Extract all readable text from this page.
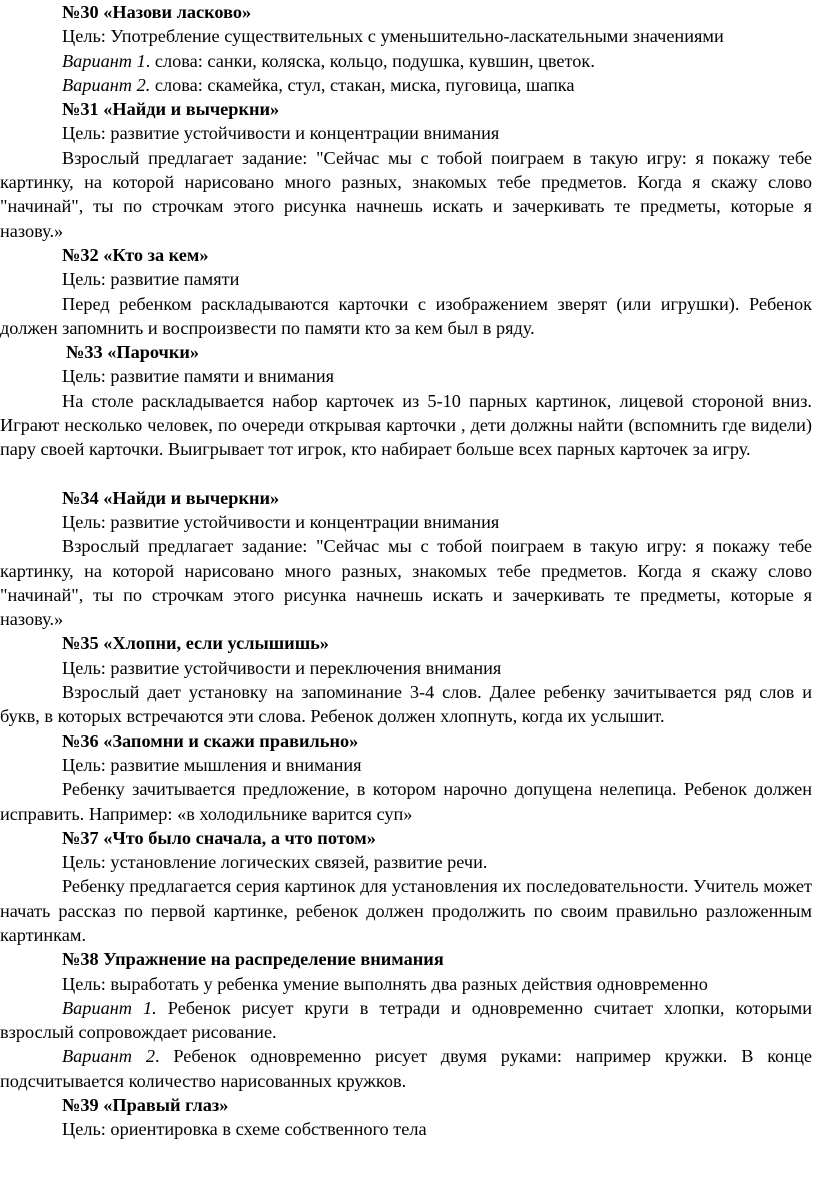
№30 «Назови ласково»

Цель: Употребление существительных с уменьшительно-ласкательными значениями

Вариант 1. слова: санки, коляска, кольцо, подушка, кувшин, цветок.

Вариант 2. слова: скамейка, стул, стакан, миска, пуговица, шапка

№31 «Найди и вычеркни»

Цель: развитие устойчивости и концентрации внимания

Взрослый предлагает задание: "Сейчас мы с тобой поиграем в такую игру: я покажу тебе картинку, на которой нарисовано много разных, знакомых тебе предметов. Когда я скажу слово "начинай", ты по строчкам этого рисунка начнешь искать и зачеркивать те предметы, которые я назову.»

№32 «Кто за кем»

Цель: развитие памяти

Перед ребенком раскладываются карточки с изображением зверят (или игрушки). Ребенок должен запомнить и воспроизвести по памяти кто за кем был в ряду.

№33 «Парочки»

Цель: развитие памяти и внимания

На столе раскладывается набор карточек из 5-10 парных картинок, лицевой стороной вниз. Играют несколько человек, по очереди открывая карточки , дети должны найти (вспомнить где видели) пару своей карточки. Выигрывает тот игрок, кто набирает больше всех парных карточек за игру.

№34 «Найди и вычеркни»

Цель: развитие устойчивости и концентрации внимания

Взрослый предлагает задание: "Сейчас мы с тобой поиграем в такую игру: я покажу тебе картинку, на которой нарисовано много разных, знакомых тебе предметов. Когда я скажу слово "начинай", ты по строчкам этого рисунка начнешь искать и зачеркивать те предметы, которые я назову.»

№35 «Хлопни, если услышишь»

Цель: развитие устойчивости и переключения внимания

Взрослый дает установку на запоминание 3-4 слов. Далее ребенку зачитывается ряд слов и букв, в которых встречаются эти слова. Ребенок должен хлопнуть, когда их услышит.

№36 «Запомни и скажи правильно»

Цель: развитие мышления и внимания

Ребенку зачитывается предложение, в котором нарочно допущена нелепица. Ребенок должен исправить. Например: «в холодильнике варится суп»

№37 «Что было сначала, а что потом»

Цель: установление логических связей, развитие речи.

Ребенку предлагается серия картинок для установления их последовательности. Учитель может начать рассказ по первой картинке, ребенок должен продолжить по своим правильно разложенным картинкам.

№38 Упражнение на распределение внимания

Цель: выработать у ребенка умение выполнять два разных действия одновременно

Вариант 1. Ребенок рисует круги в тетради и одновременно считает хлопки, которыми взрослый сопровождает рисование.

Вариант 2. Ребенок одновременно рисует двумя руками: например кружки. В конце подсчитывается количество нарисованных кружков.

№39 «Правый глаз»

Цель: ориентировка в схеме собственного тела
